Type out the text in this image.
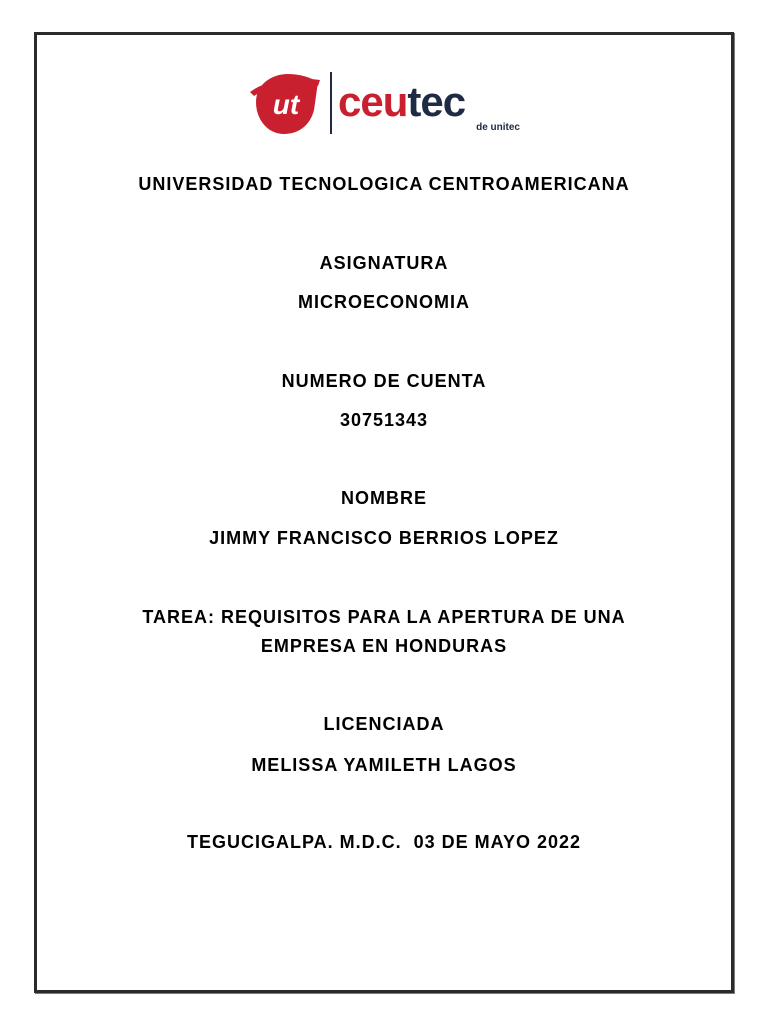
ut ceutec
de unitec
UNIVERSIDAD TECNOLOGICA CENTROAMERICANA
ASIGNATURA
MICROECONOMIA
NUMERO DE CUENTA
30751343
NOMBRE
JIMMY FRANCISCO BERRIOS LOPEZ
TAREA: REQUISITOS PARA LA APERTURA DE UNA
EMPRESA EN HONDURAS
LICENCIADA
MELISSA YAMILETH LAGOS
TEGUCIGALPA. M.D.C.  03 DE MAYO 2022
